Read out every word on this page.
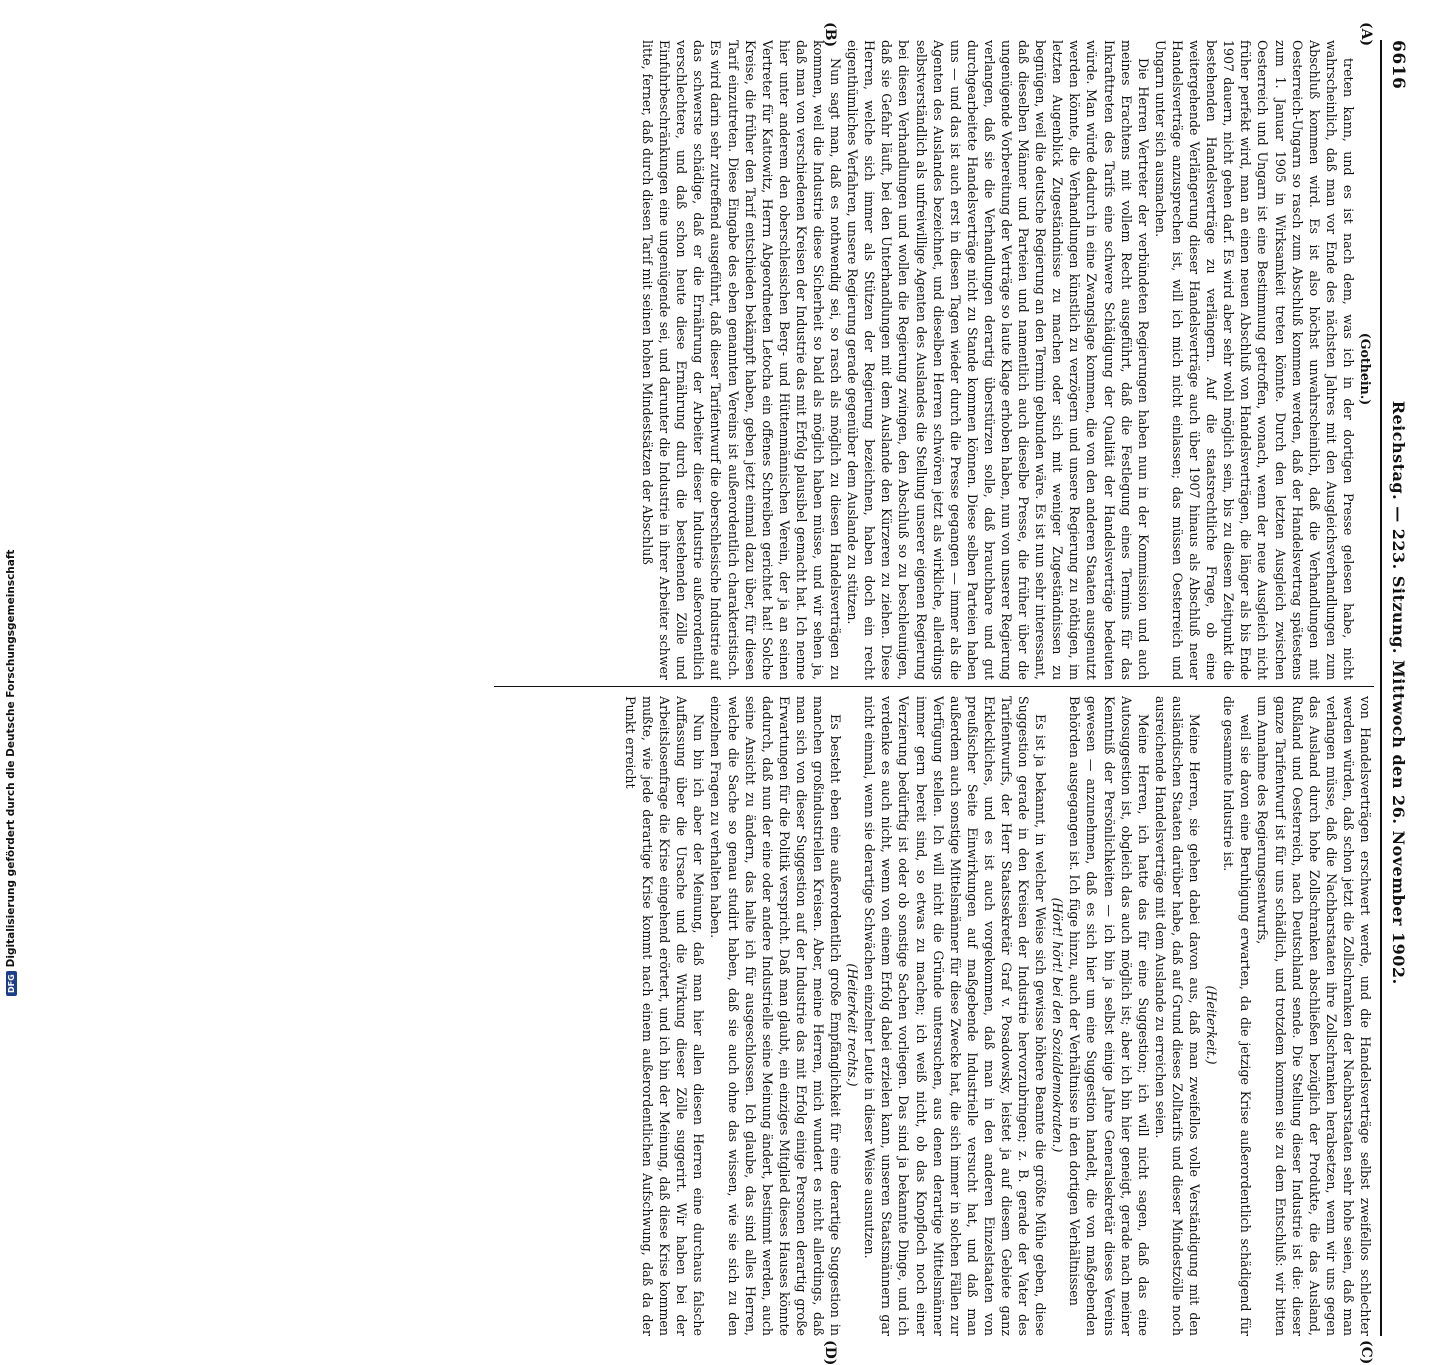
6616
Reichstag. — 223. Sitzung. Mittwoch den 26. November 1902.
(A)
(B)
(C)
(D)

(Gothein.)

treten kann, und es ist nach dem, was ich in der dortigen Presse gelesen habe, nicht wahrscheinlich, daß man vor Ende des nächsten Jahres mit den Ausgleichsverhandlungen zum Abschluß kommen wird. Es ist also höchst unwahrscheinlich, daß die Verhandlungen mit Oesterreich-Ungarn so rasch zum Abschluß kommen werden, daß der Handelsvertrag spätestens zum 1. Januar 1905 in Wirksamkeit treten könnte. Durch den letzten Ausgleich zwischen Oesterreich und Ungarn ist eine Bestimmung getroffen, wonach, wenn der neue Ausgleich nicht früher perfekt wird, man an einen neuen Abschluß von Handelsverträgen, die länger als bis Ende 1907 dauern, nicht gehen darf. Es wird aber sehr wohl möglich sein, bis zu diesem Zeitpunkt die bestehenden Handelsverträge zu verlängern. Auf die staatsrechtliche Frage, ob eine weitergehende Verlängerung dieser Handelsverträge auch über 1907 hinaus als Abschluß neuer Handelsverträge anzusprechen ist, will ich mich nicht einlassen; das müssen Oesterreich und Ungarn unter sich ausmachen.

Die Herren Vertreter der verbündeten Regierungen haben nun in der Kommission und auch meines Erachtens mit vollem Recht ausgeführt, daß die Festlegung eines Termins für das Inkrafttreten des Tarifs eine schwere Schädigung der Qualität der Handelsverträge bedeuten würde. Man würde dadurch in eine Zwangslage kommen, die von den anderen Staaten ausgenutzt werden könnte, die Verhandlungen künstlich zu verzögern und unsere Regierung zu nöthigen, im letzten Augenblick Zugeständnisse zu machen oder sich mit weniger Zugeständnissen zu begnügen, weil die deutsche Regierung an den Termin gebunden wäre. Es ist nun sehr interessant, daß dieselben Männer und Parteien und namentlich auch dieselbe Presse, die früher über die ungenügende Vorbereitung der Verträge so laute Klage erhoben haben, nun von unserer Regierung verlangen, daß sie die Verhandlungen derartig überstürzen solle, daß brauchbare und gut durchgearbeitete Handelsverträge nicht zu Stande kommen können. Diese selben Parteien haben uns — und das ist auch erst in diesen Tagen wieder durch die Presse gegangen — immer als die Agenten des Auslandes bezeichnet, und dieselben Herren schwören jetzt als wirkliche, allerdings selbstverständlich als unfreiwillige Agenten des Auslandes die Stellung unserer eigenen Regierung bei diesen Verhandlungen und wollen die Regierung zwingen, den Abschluß so zu beschleunigen, daß sie Gefahr läuft, bei den Unterhandlungen mit dem Auslande den Kürzeren zu ziehen. Diese Herren, welche sich immer als Stützen der Regierung bezeichnen, haben doch ein recht eigenthümliches Verfahren, unsere Regierung gerade gegenüber dem Auslande zu stützen.

Nun sagt man, daß es nothwendig sei, so rasch als möglich zu diesen Handelsverträgen zu kommen, weil die Industrie diese Sicherheit so bald als möglich haben müsse, und wir sehen ja, daß man von verschiedenen Kreisen der Industrie das mit Erfolg plausibel gemacht hat. Ich nenne hier unter anderem den oberschlesischen Berg- und Hüttenmännischen Verein, der ja an seinen Vertreter für Kattowitz, Herrn Abgeordneten Letocha ein offenes Schreiben gerichtet hat! Solche Kreise, die früher den Tarif entschieden bekämpft haben, geben jetzt einmal dazu über, für diesen Tarif einzutreten. Diese Eingabe des eben genannten Vereins ist außerordentlich charakteristisch. Es wird darin sehr zutreffend ausgeführt, daß dieser Tarifentwurf die oberschlesische Industrie auf das schwerste schädige, daß er die Ernährung der Arbeiter dieser Industrie außerordentlich verschlechtere, und daß schon heute diese Ernährung durch die bestehenden Zölle und Einfuhrbeschränkungen eine ungenügende sei, und darunter die Industrie in ihrer Arbeiter schwer litte, ferner, daß durch diesen Tarif mit seinen hohen Mindestsätzen der Abschluß

von Handelsverträgen erschwert werde, und die Handelsverträge selbst zweifellos schlechter werden würden, daß schon jetzt die Zollschranken der Nachbarstaaten sehr hohe seien, daß man verlangen müsse, daß die Nachbarstaaten ihre Zollschranken herabsetzen, wenn wir uns gegen das Ausland durch hohe Zollschranken abschließen bezüglich der Produkte, die das Ausland, Rußland und Oesterreich, nach Deutschland sende. Die Stellung dieser Industrie ist die: dieser ganze Tarifentwurf ist für uns schädlich, und trotzdem kommen sie zu dem Entschluß: wir bitten um Annahme des Regierungsentwurfs,

weil sie davon eine Beruhigung erwarten, da die jetzige Krise außerordentlich schädigend für die gesammte Industrie ist.

(Heiterkeit.)

Meine Herren, sie gehen dabei davon aus, daß man zweifellos volle Verständigung mit den ausländischen Staaten darüber habe, daß auf Grund dieses Zolltarifs und dieser Mindestzölle noch ausreichende Handelsverträge mit dem Auslande zu erreichen seien.

Meine Herren, ich hatte das für eine Suggestion; ich will nicht sagen, daß das eine Autosuggestion ist, obgleich das auch möglich ist; aber ich bin hier geneigt, gerade nach meiner Kenntniß der Persönlichkeiten — ich bin ja selbst einige Jahre Generalsekretär dieses Vereins gewesen — anzunehmen, daß es sich hier um eine Suggestion handelt, die von maßgebenden Behörden ausgegangen ist. Ich füge hinzu, auch der Verhältnisse in den dortigen Verhältnissen

(Hört! hört! bei den Sozialdemokraten.)

Es ist ja bekannt, in welcher Weise sich gewisse höhere Beamte die größte Mühe geben, diese Suggestion gerade in den Kreisen der Industrie hervorzubringen; z. B. gerade der Vater des Tarifentwurfs, der Herr Staatssekretär Graf v. Posadowsky, leistet ja auf diesem Gebiete ganz Erkleckliches, und es ist auch vorgekommen, daß man in den anderen Einzelstaaten von preußischer Seite Einwirkungen auf maßgebende Industrielle versucht hat, und daß man außerdem auch sonstige Mittelsmänner für diese Zwecke hat, die sich immer in solchen Fällen zur Verfügung stellen. Ich will nicht die Gründe untersuchen, aus denen derartige Mittelsmänner immer gern bereit sind, so etwas zu machen; ich weiß nicht, ob das Knopfloch noch einer Verzierung bedürftig ist oder ob sonstige Sachen vorliegen. Das sind ja bekannte Dinge, und ich verdenke es auch nicht, wenn von einem Erfolg dabei erzielen kann, unseren Staatsmännern gar nicht einmal, wenn sie derartige Schwächen einzelner Leute in dieser Weise ausnutzen.

(Heiterkeit rechts.)

Es besteht eben eine außerordentlich große Empfänglichkeit für eine derartige Suggestion in manchen großindustriellen Kreisen. Aber, meine Herren, mich wundert es nicht allerdings, daß man sich von dieser Suggestion auf der Industrie das mit Erfolg einige Personen derartig große Erwartungen für die Politik verspricht. Daß man glaubt, ein einziges Mitglied dieses Hauses könnte dadurch, daß nun der eine oder andere Industrielle seine Meinung ändert, bestimmt werden, auch seine Ansicht zu ändern, das halte ich für ausgeschlossen. Ich glaube, das sind alles Herren, welche die Sache so genau studirt haben, daß sie auch ohne das wissen, wie sie sich zu den einzelnen Fragen zu verhalten haben.

Nun bin ich aber der Meinung, daß man hier allen diesen Herren eine durchaus falsche Auffassung über die Ursache und die Wirkung dieser Zölle suggerirt. Wir haben bei der Arbeitslosenfrage die Krise eingehend erörtert, und ich bin der Meinung, daß diese Krise kommen mußte, wie jede derartige Krise kommt nach einem außerordentlichen Aufschwung, daß da der Punkt erreicht

DFG
Digitalisierung gefördert durch die Deutsche Forschungsgemeinschaft
